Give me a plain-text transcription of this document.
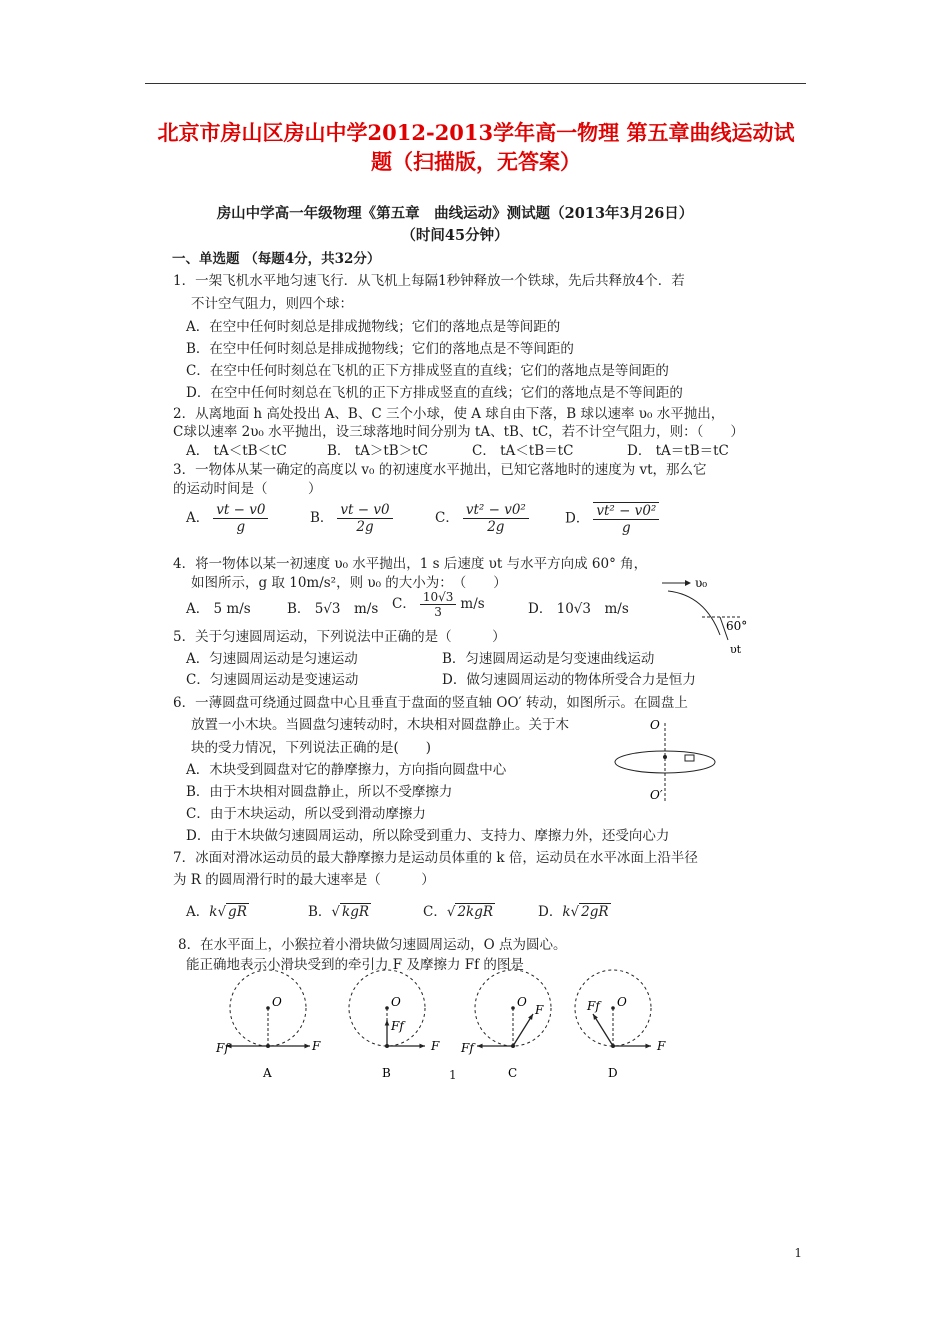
北京市房山区房山中学2012-2013学年高一物理 第五章曲线运动试
题（扫描版，无答案）
房山中学高一年级物理《第五章　曲线运动》测试题（2013年3月26日）
（时间45分钟）
一、单选题 （每题4分，共32分）
1．一架飞机水平地匀速飞行．从飞机上每隔1秒钟释放一个铁球，先后共释放4个．若
不计空气阻力，则四个球：
A．在空中任何时刻总是排成抛物线；它们的落地点是等间距的
B．在空中任何时刻总是排成抛物线；它们的落地点是不等间距的
C．在空中任何时刻总在飞机的正下方排成竖直的直线；它们的落地点是等间距的
D．在空中任何时刻总在飞机的正下方排成竖直的直线；它们的落地点是不等间距的
2．从离地面 h 高处投出 A、B、C 三个小球，使 A 球自由下落，B 球以速率 υ₀ 水平抛出，
C球以速率 2υ₀ 水平抛出，设三球落地时间分别为 tA、tB、tC，若不计空气阻力，则：（　　）
A． tA＜tB＜tC	B． tA＞tB＞tC	C． tA＜tB＝tC	D． tA＝tB＝tC
3．一物体从某一确定的高度以 v₀ 的初速度水平抛出，已知它落地时的速度为 vt，那么它
的运动时间是（　　　）
A． $\frac{vt - v0}{g}$	B． $\frac{vt - v0}{2g}$	C． $\frac{\text{vt² − v0²}}{2g}$	D． $\frac{\text{vt² − v0²}}{g}$
4．将一物体以某一初速度 υ₀ 水平抛出，1 s 后速度 υt 与水平方向成 60° 角，
如图所示，g 取 10m/s²，则 υ₀ 的大小为：　（　　）
A． 5 m/s	B． 5√3　m/s C． $\frac{10√3}{3} m/s$	D． 10√3　m/s
υ₀
60°
υt
5．关于匀速圆周运动，下列说法中正确的是（　　　）
A．匀速圆周运动是匀速运动	B．匀速圆周运动是匀变速曲线运动
C．匀速圆周运动是变速运动	D．做匀速圆周运动的物体所受合力是恒力
6．一薄圆盘可绕通过圆盘中心且垂直于盘面的竖直轴 OO′ 转动，如图所示。在圆盘上
放置一小木块。当圆盘匀速转动时，木块相对圆盘静止。关于木
块的受力情况，下列说法正确的是(　　)
A．木块受到圆盘对它的静摩擦力，方向指向圆盘中心
B．由于木块相对圆盘静止，所以不受摩擦力
C．由于木块运动，所以受到滑动摩擦力
D．由于木块做匀速圆周运动，所以除受到重力、支持力、摩擦力外，还受向心力
O
O′
7．冰面对滑冰运动员的最大静摩擦力是运动员体重的 k 倍，运动员在水平冰面上沿半径
为 R 的圆周滑行时的最大速率是（　　　）
A．k√ gR	B．√ kgR	C．√ 2kgR	D．k√ 2gR
8．在水平面上，小猴拉着小滑块做匀速圆周运动，O 点为圆心。
能正确地表示小滑块受到的牵引力 F 及摩擦力 Ff 的图是
O
F
Ff
A
O
F
Ff
B
O
F
Ff
C
O
F
Ff
D
1
1
